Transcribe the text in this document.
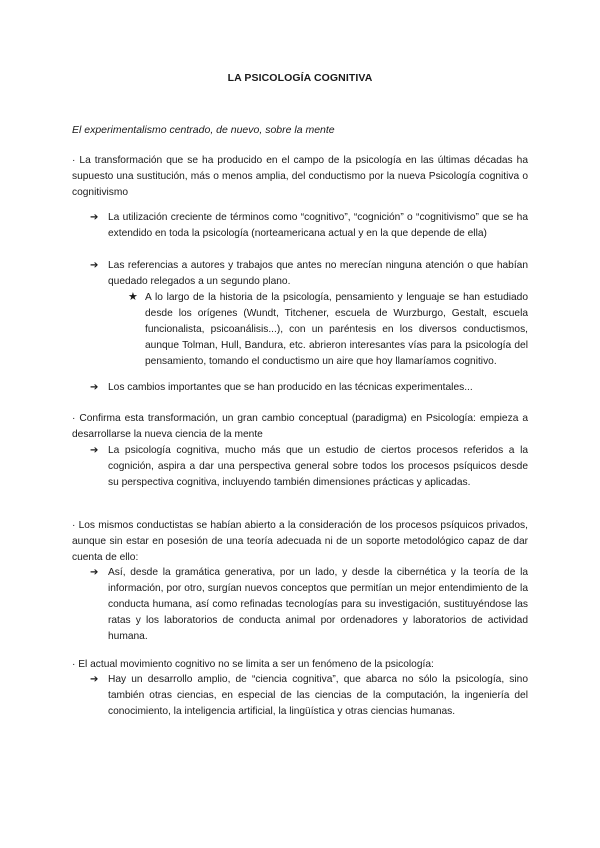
LA PSICOLOGÍA COGNITIVA
El experimentalismo centrado, de nuevo, sobre la mente
· La transformación que se ha producido en el campo de la psicología en las últimas décadas ha supuesto una sustitución, más o menos amplia, del conductismo por la nueva Psicología cognitiva o cognitivismo
➔ La utilización creciente de términos como “cognitivo”, “cognición” o “cognitivismo” que se ha extendido en toda la psicología (norteamericana actual y en la que depende de ella)
➔ Las referencias a autores y trabajos que antes no merecían ninguna atención o que habían quedado relegados a un segundo plano.
★ A lo largo de la historia de la psicología, pensamiento y lenguaje se han estudiado desde los orígenes (Wundt, Titchener, escuela de Wurzburgo, Gestalt, escuela funcionalista, psicoanálisis...), con un paréntesis en los diversos conductismos, aunque Tolman, Hull, Bandura, etc. abrieron interesantes vías para la psicología del pensamiento, tomando el conductismo un aire que hoy llamaríamos cognitivo.
➔ Los cambios importantes que se han producido en las técnicas experimentales...
· Confirma esta transformación, un gran cambio conceptual (paradigma) en Psicología: empieza a desarrollarse la nueva ciencia de la mente
➔ La psicología cognitiva, mucho más que un estudio de ciertos procesos referidos a la cognición, aspira a dar una perspectiva general sobre todos los procesos psíquicos desde su perspectiva cognitiva, incluyendo también dimensiones prácticas y aplicadas.
· Los mismos conductistas se habían abierto a la consideración de los procesos psíquicos privados, aunque sin estar en posesión de una teoría adecuada ni de un soporte metodológico capaz de dar cuenta de ello:
➔ Así, desde la gramática generativa, por un lado, y desde la cibernética y la teoría de la información, por otro, surgían nuevos conceptos que permitían un mejor entendimiento de la conducta humana, así como refinadas tecnologías para su investigación, sustituyéndose las ratas y los laboratorios de conducta animal por ordenadores y laboratorios de actividad humana.
· El actual movimiento cognitivo no se limita a ser un fenómeno de la psicología:
➔ Hay un desarrollo amplio, de “ciencia cognitiva”, que abarca no sólo la psicología, sino también otras ciencias, en especial de las ciencias de la computación, la ingeniería del conocimiento, la inteligencia artificial, la lingüística y otras ciencias humanas.
